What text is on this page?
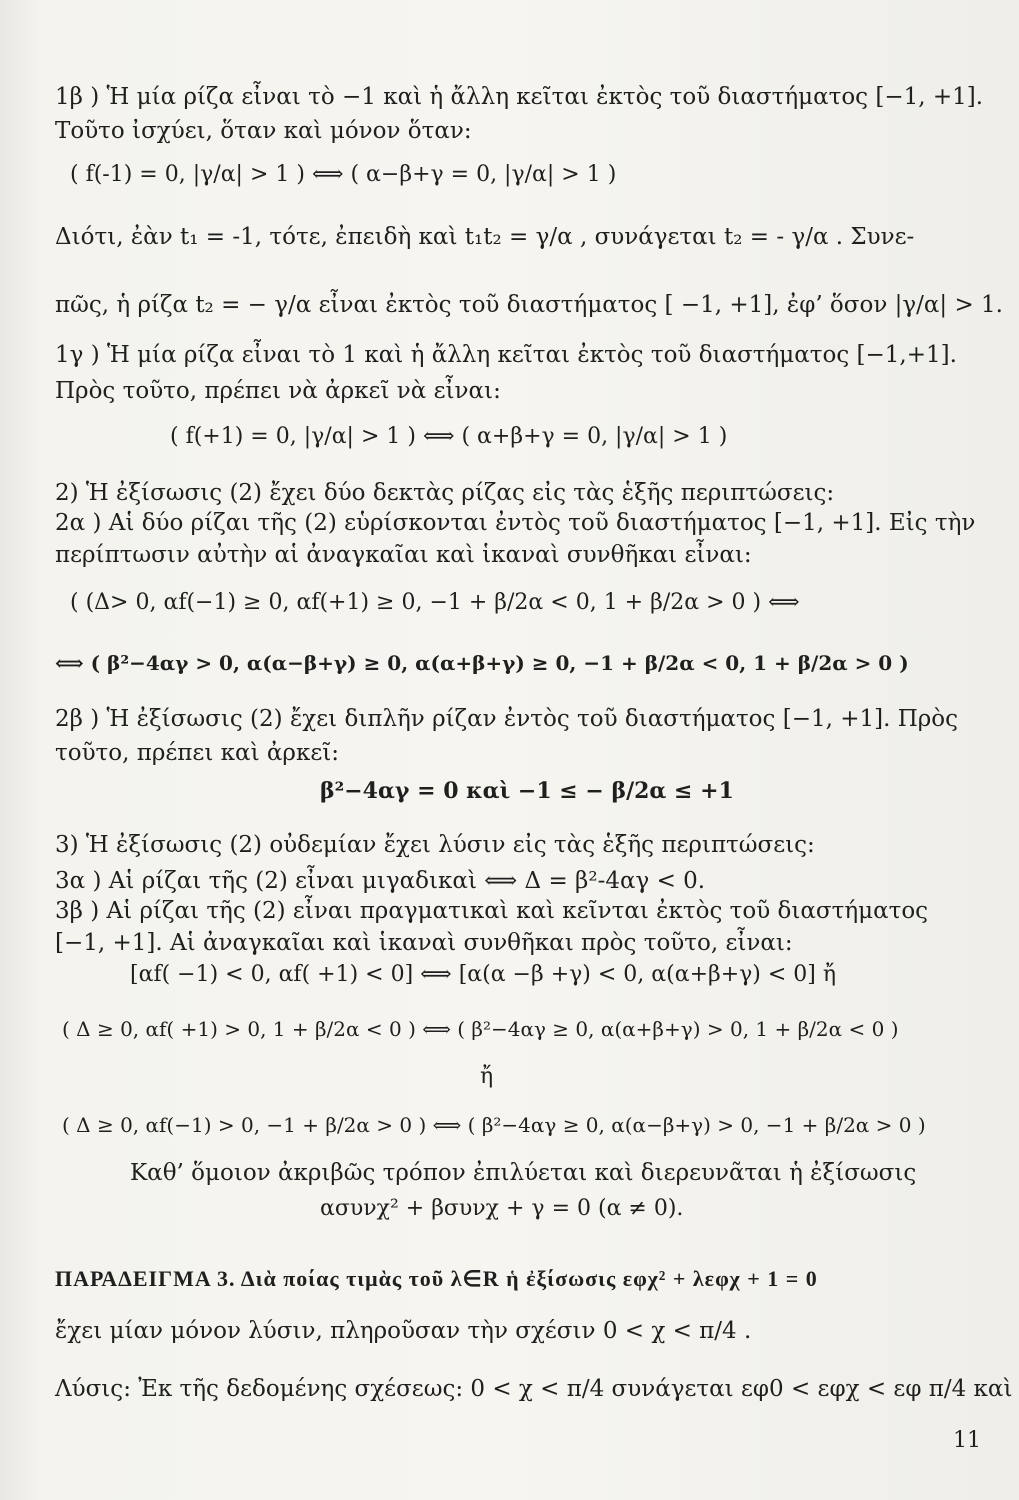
1β ) Ἡ μία ρίζα εἶναι τὸ −1 καὶ ἡ ἄλλη κεῖται ἐκτὸς τοῦ διαστήματος [−1, +1].
Τοῦτο ἰσχύει, ὅταν καὶ μόνον ὅταν:
( f(-1) = 0, |γ/α| > 1 ) ⟺ ( α−β+γ = 0, |γ/α| > 1 )
Διότι, ἐὰν t₁ = -1, τότε, ἐπειδὴ καὶ t₁t₂ = γ/α , συνάγεται t₂ = - γ/α . Συνε-
πῶς, ἡ ρίζα t₂ = − γ/α εἶναι ἐκτὸς τοῦ διαστήματος [ −1, +1], ἐφ’ ὅσον |γ/α| > 1.
1γ ) Ἡ μία ρίζα εἶναι τὸ 1 καὶ ἡ ἄλλη κεῖται ἐκτὸς τοῦ διαστήματος [−1,+1].
Πρὸς τοῦτο, πρέπει νὰ ἀρκεῖ νὰ εἶναι:
( f(+1) = 0, |γ/α| > 1 ) ⟺ ( α+β+γ = 0, |γ/α| > 1 )
2) Ἡ ἐξίσωσις (2) ἔχει δύο δεκτὰς ρίζας εἰς τὰς ἑξῆς περιπτώσεις:
2α ) Αἱ δύο ρίζαι τῆς (2) εὑρίσκονται ἐντὸς τοῦ διαστήματος [−1, +1]. Εἰς τὴν
περίπτωσιν αὐτὴν αἱ ἀναγκαῖαι καὶ ἱκαναὶ συνθῆκαι εἶναι:
( (Δ> 0, αf(−1) ≥ 0, αf(+1) ≥ 0, −1 + β/2α < 0, 1 + β/2α > 0 ) ⟺
⟺ ( β²−4αγ > 0, α(α−β+γ) ≥ 0, α(α+β+γ) ≥ 0, −1 + β/2α < 0, 1 + β/2α > 0 )
2β ) Ἡ ἐξίσωσις (2) ἔχει διπλῆν ρίζαν ἐντὸς τοῦ διαστήματος [−1, +1]. Πρὸς
τοῦτο, πρέπει καὶ ἀρκεῖ:
β²−4αγ = 0 καὶ −1 ≤ − β/2α ≤ +1
3) Ἡ ἐξίσωσις (2) οὐδεμίαν ἔχει λύσιν εἰς τὰς ἑξῆς περιπτώσεις:
3α ) Αἱ ρίζαι τῆς (2) εἶναι μιγαδικαὶ ⟺ Δ = β²-4αγ < 0.
3β ) Αἱ ρίζαι τῆς (2) εἶναι πραγματικαὶ καὶ κεῖνται ἐκτὸς τοῦ διαστήματος
[−1, +1]. Αἱ ἀναγκαῖαι καὶ ἱκαναὶ συνθῆκαι πρὸς τοῦτο, εἶναι:
[αf( −1) < 0, αf( +1) < 0] ⟺ [α(α −β +γ) < 0, α(α+β+γ) < 0] ἤ
( Δ ≥ 0, αf( +1) > 0, 1 + β/2α < 0 ) ⟺ ( β²−4αγ ≥ 0, α(α+β+γ) > 0, 1 + β/2α < 0 )
ἤ
( Δ ≥ 0, αf(−1) > 0, −1 + β/2α > 0 ) ⟺ ( β²−4αγ ≥ 0, α(α−β+γ) > 0, −1 + β/2α > 0 )
Καθ’ ὅμοιον ἀκριβῶς τρόπον ἐπιλύεται καὶ διερευνᾶται ἡ ἐξίσωσις
ασυνχ² + βσυνχ + γ = 0 (α ≠ 0).
ΠΑΡΑΔΕΙΓΜΑ 3. Διὰ ποίας τιμὰς τοῦ λ∈R ἡ ἐξίσωσις εφχ² + λεφχ + 1 = 0
ἔχει μίαν μόνον λύσιν, πληροῦσαν τὴν σχέσιν 0 < χ < π/4 .
Λύσις: Ἐκ τῆς δεδομένης σχέσεως: 0 < χ < π/4 συνάγεται εφ0 < εφχ < εφ π/4 καὶ
11
